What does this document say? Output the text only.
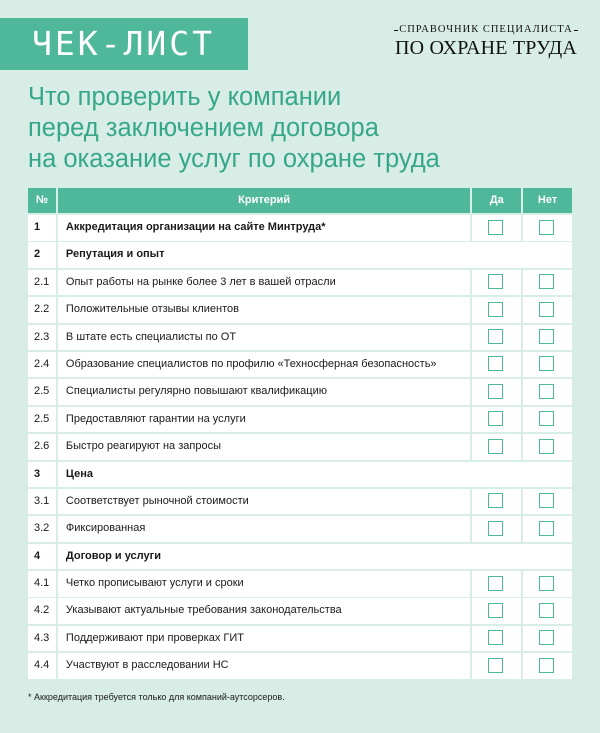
ЧЕК-ЛИСТ	СПРАВОЧНИК СПЕЦИАЛИСТА
ПО ОХРАНЕ ТРУДА
Что проверить у компании
перед заключением договора
на оказание услуг по охране труда
№	Критерий	Да	Нет
1	Аккредитация организации на сайте Минтруда*
2	Репутация и опыт
2.1	Опыт работы на рынке более 3 лет в вашей отрасли
2.2	Положительные отзывы клиентов
2.3	В штате есть специалисты по ОТ
2.4	Образование специалистов по профилю «Техносферная безопасность»
2.5	Специалисты регулярно повышают квалификацию
2.5	Предоставляют гарантии на услуги
2.6	Быстро реагируют на запросы
3	Цена
3.1	Соответствует рыночной стоимости
3.2	Фиксированная
4	Договор и услуги
4.1	Четко прописывают услуги и сроки
4.2	Указывают актуальные требования законодательства
4.3	Поддерживают при проверках ГИТ
4.4	Участвуют в расследовании НС
* Аккредитация требуется только для компаний-аутсорсеров.
